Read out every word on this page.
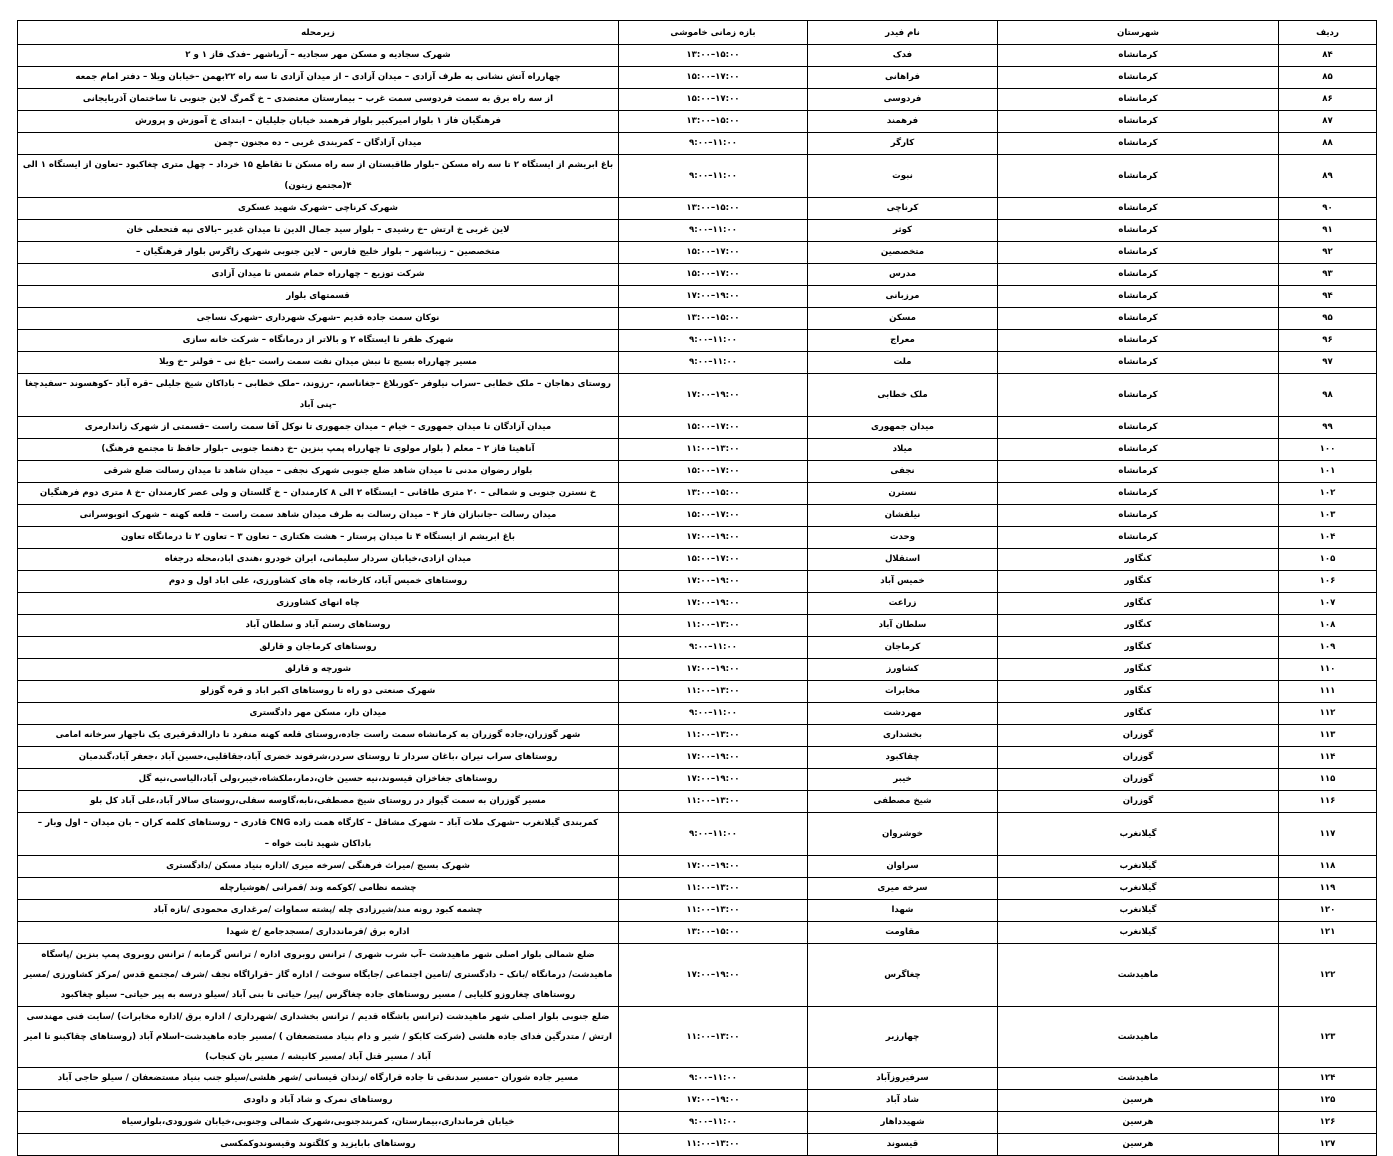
ردیف	شهرستان	نام فیدر	بازه زمانی خاموشی	زیرمحله
۸۴	کرمانشاه	فدک	۱۳:۰۰–۱۵:۰۰	شهرک سجادیه و مسکن مهر سجادیه – آریاشهر –فدک فاز ۱ و ۲
۸۵	کرمانشاه	فراهانی	۱۵:۰۰–۱۷:۰۰	چهارراه آتش نشانی به طرف آزادی – میدان آزادی – از میدان آزادی تا سه راه ۲۲بهمن –خیابان ویلا – دفتر امام جمعه
۸۶	کرمانشاه	فردوسی	۱۵:۰۰–۱۷:۰۰	از سه راه برق به سمت فردوسی سمت غرب – بیمارستان معتضدی – خ گمرگ لاین جنوبی تا ساختمان آذربایجانی
۸۷	کرمانشاه	فرهمند	۱۳:۰۰–۱۵:۰۰	فرهنگیان فاز ۱ بلوار امیرکبیر بلوار فرهمند خیابان جلیلیان – ابتدای خ آموزش و پرورش
۸۸	کرمانشاه	کارگر	۹:۰۰–۱۱:۰۰	میدان آزادگان – کمربندی غربی – ده مجنون –چمن
۸۹	کرمانشاه	نبوت	۹:۰۰–۱۱:۰۰	باغ ابریشم از ایستگاه ۲ تا سه راه مسکن –بلوار طاقبستان از سه راه مسکن تا تقاطع ۱۵ خرداد – چهل متری چغاکبود –تعاون از ایستگاه ۱ الی ۴(مجتمع زیتون)
۹۰	کرمانشاه	کرناچی	۱۳:۰۰–۱۵:۰۰	شهرک کرناچی –شهرک شهید عسکری
۹۱	کرمانشاه	کوثر	۹:۰۰–۱۱:۰۰	لاین غربی خ ارتش –خ رشیدی – بلوار سید جمال الدین تا میدان غدیر –بالای نپه فتحعلی خان
۹۲	کرمانشاه	متخصصین	۱۵:۰۰–۱۷:۰۰	متخصصین – زیباشهر – بلوار خلیج فارس – لاین جنوبی شهرک زاگرس بلوار فرهنگیان –
۹۳	کرمانشاه	مدرس	۱۵:۰۰–۱۷:۰۰	شرکت توزیع – چهارراه حمام شمس تا میدان آزادی
۹۴	کرمانشاه	مرزبانی	۱۷:۰۰–۱۹:۰۰	قسمتهای بلوار
۹۵	کرمانشاه	مسکن	۱۳:۰۰–۱۵:۰۰	نوکان سمت جاده قدیم –شهرک شهرداری –شهرک نساجی
۹۶	کرمانشاه	معراج	۹:۰۰–۱۱:۰۰	شهرک ظفر تا ایستگاه ۲ و بالاتر از درمانگاه – شرکت خانه سازی
۹۷	کرمانشاه	ملت	۹:۰۰–۱۱:۰۰	مسیر چهارراه بسیج تا نبش میدان نفت سمت راست –باغ نی – فولنر –خ ویلا
۹۸	کرمانشاه	ملک خطابی	۱۷:۰۰–۱۹:۰۰	روستای دهاجان – ملک خطابی –سراب نیلوفر –کوربلاغ –جغاناسم، –رزوند، –ملک خطابی – باداکان شیخ جلیلی –قره آباد –کوهسوند –سفیدچغا –پنی آباد
۹۹	کرمانشاه	میدان جمهوری	۱۵:۰۰–۱۷:۰۰	میدان آزادگان تا میدان جمهوری – خیام – میدان جمهوری تا نوکل آقا سمت راست –قسمتی از شهرک زاندارمری
۱۰۰	کرمانشاه	میلاد	۱۱:۰۰–۱۳:۰۰	آناهیتا فاز ۲ – معلم ( بلوار مولوی تا چهارراه پمپ بنزین –خ دهنما جنوبی –بلوار حافظ تا مجتمع فرهنگ)
۱۰۱	کرمانشاه	نجفی	۱۵:۰۰–۱۷:۰۰	بلوار رضوان مدنی تا میدان شاهد ضلع جنوبی شهرک نجفی – میدان شاهد تا میدان رسالت ضلع شرقی
۱۰۲	کرمانشاه	نسترن	۱۳:۰۰–۱۵:۰۰	خ نسترن جنوبی و شمالی – ۲۰ متری طاقانی – ایستگاه ۲ الی ۸ کارمندان – خ گلستان و ولی عصر کارمندان –خ ۸ متری دوم فرهنگیان
۱۰۳	کرمانشاه	نیلفشان	۱۵:۰۰–۱۷:۰۰	میدان رسالت –جانبازان فاز ۴ – میدان رسالت به طرف میدان شاهد سمت راست – قلعه کهنه – شهرک اتوبوسرانی
۱۰۴	کرمانشاه	وحدت	۱۷:۰۰–۱۹:۰۰	باغ ابریشم از ایستگاه ۴ تا میدان پرستار – هشت هکتاری – تعاون ۳ – تعاون ۲ تا درمانگاه تعاون
۱۰۵	کنگاور	استقلال	۱۵:۰۰–۱۷:۰۰	میدان ازادی،خیابان سردار سلیمانی، ایران خودرو ،هندی اباد،محله درجغاه
۱۰۶	کنگاور	خمیس آباد	۱۷:۰۰–۱۹:۰۰	روستاهای خمیس آباد، کارخانه، چاه های کشاورزی، علی اباد اول و دوم
۱۰۷	کنگاور	زراعت	۱۷:۰۰–۱۹:۰۰	چاه انهای کشاورزی
۱۰۸	کنگاور	سلطان آباد	۱۱:۰۰–۱۳:۰۰	روستاهای رستم آباد و سلطان آباد
۱۰۹	کنگاور	کرماجان	۹:۰۰–۱۱:۰۰	روستاهای کرماجان و قارلق
۱۱۰	کنگاور	کشاورز	۱۷:۰۰–۱۹:۰۰	شورچه و قارلق
۱۱۱	کنگاور	مخابرات	۱۱:۰۰–۱۳:۰۰	شهرک صنعتی دو راه تا روستاهای اکبر اباد و قره گوزلو
۱۱۲	کنگاور	مهردشت	۹:۰۰–۱۱:۰۰	میدان دار، مسکن مهر دادگستری
۱۱۳	گوزران	بخشداری	۱۱:۰۰–۱۳:۰۰	شهر گوزران،جاده گوزران به کرمانشاه سمت راست جاده،روستای قلعه کهنه منفرد تا دارالدقرقیری یک ناجهار سرخانه امامی
۱۱۴	گوزران	چقاکبود	۱۷:۰۰–۱۹:۰۰	روستاهای سراب تیران ،باغان سردار تا روستای سردر،شرفوند خضری آباد،جقاقلیی،حسین آباد ،جعفر آباد،گندمبان
۱۱۵	گوزران	خیبر	۱۷:۰۰–۱۹:۰۰	روستاهای جغاخزان قیسوند،نیه حسین خان،دمار،ملکشاه،خیبر،ولی آباد،الیاسی،نیه گل
۱۱۶	گوزران	شیخ مصطفی	۱۱:۰۰–۱۳:۰۰	مسیر گوزران به سمت گیواز در روستای شیخ مصطفی،نابه،گاوسه سفلی،روستای سالار آباد،علی آباد کل بلو
۱۱۷	گیلانغرب	خوشروان	۹:۰۰–۱۱:۰۰	کمربندی گیلانغرب –شهرک ملات آباد – شهرک مشاقل – کارگاه همت زاده CNG قادری – روستاهای کلمه کران – بان میدان – اول وبار – باداکان شهید ثابت خواه –
۱۱۸	گیلانغرب	سراوان	۱۷:۰۰–۱۹:۰۰	شهرک بسیج /میراث فرهنگی /سرخه میری /اداره بنیاد مسکن /دادگستری
۱۱۹	گیلانغرب	سرخه میری	۱۱:۰۰–۱۳:۰۰	چشمه نظامی /کوکمه وند /قمرانی /هوشیارچله
۱۲۰	گیلانغرب	شهدا	۱۱:۰۰–۱۳:۰۰	چشمه کبود رونه مند/شیرزادی چله /پشته سماوات /مرغداری محمودی /نازه آباد
۱۲۱	گیلانغرب	مقاومت	۱۳:۰۰–۱۵:۰۰	اداره برق /فرماندداری /مسجدجامع /خ شهدا
۱۲۲	ماهیدشت	چغاگرس	۱۷:۰۰–۱۹:۰۰	ضلع شمالی بلوار اصلی شهر ماهیدشت –آب شرب شهری / ترانس روبروی اداره / ترانس گرمابه / ترانس روبروی پمپ بنزین /پاسگاه ماهیدشت/ درمانگاه /بانک – دادگستری /تامین اجتماعی /جایگاه سوخت / اداره گاز –قراراگاه نجف /شرف /مجتمع قدس /مرکز کشاورزی /مسیر روستاهای چغاروزو کلیایی / مسیر روستاهای جاده چغاگرس /پیر/ حیاتی تا بنی آباد /سیلو درسه به پیر حیاتی– سیلو چغاکبود
۱۲۳	ماهیدشت	چهارزبر	۱۱:۰۰–۱۳:۰۰	ضلع جنوبی بلوار اصلی شهر ماهیدشت (ترانس باشگاه قدیم / ترانس بخشداری /شهرداری / اداره برق /اداره مخابرات) /سایت فنی مهندسی ارتش / متدرگین فدای جاده هلشی (شرکت کابکو / شیر و دام بنیاد مستضعفان ) /مسیر جاده ماهیدشت–اسلام آباد (روستاهای چقاکبنو تا امیر آباد / مسیر قتل آباد /مسیر کانیشه / مسیر بان کنجاب)
۱۲۴	ماهیدشت	سرفیروزآباد	۹:۰۰–۱۱:۰۰	مسیر جاده شوران –مسیر سدنقی تا جاده قرارگاه /زندان قیسانی /شهر هلشی/سیلو جنب بنیاد مستضعفان / سیلو حاجی آباد
۱۲۵	هرسین	شاد آباد	۱۷:۰۰–۱۹:۰۰	روستاهای نمرک و شاد آباد و داودی
۱۲۶	هرسین	شهیدداهار	۹:۰۰–۱۱:۰۰	خیابان فرمانداری،بیمارستان، کمربندجنوبی،شهرک شمالی وجنوبی،خیابان شورودی،بلوارسیاه
۱۲۷	هرسین	قیسوند	۱۱:۰۰–۱۳:۰۰	روستاهای بابایزید و کلگتوند وقیسوندوکمکسی
